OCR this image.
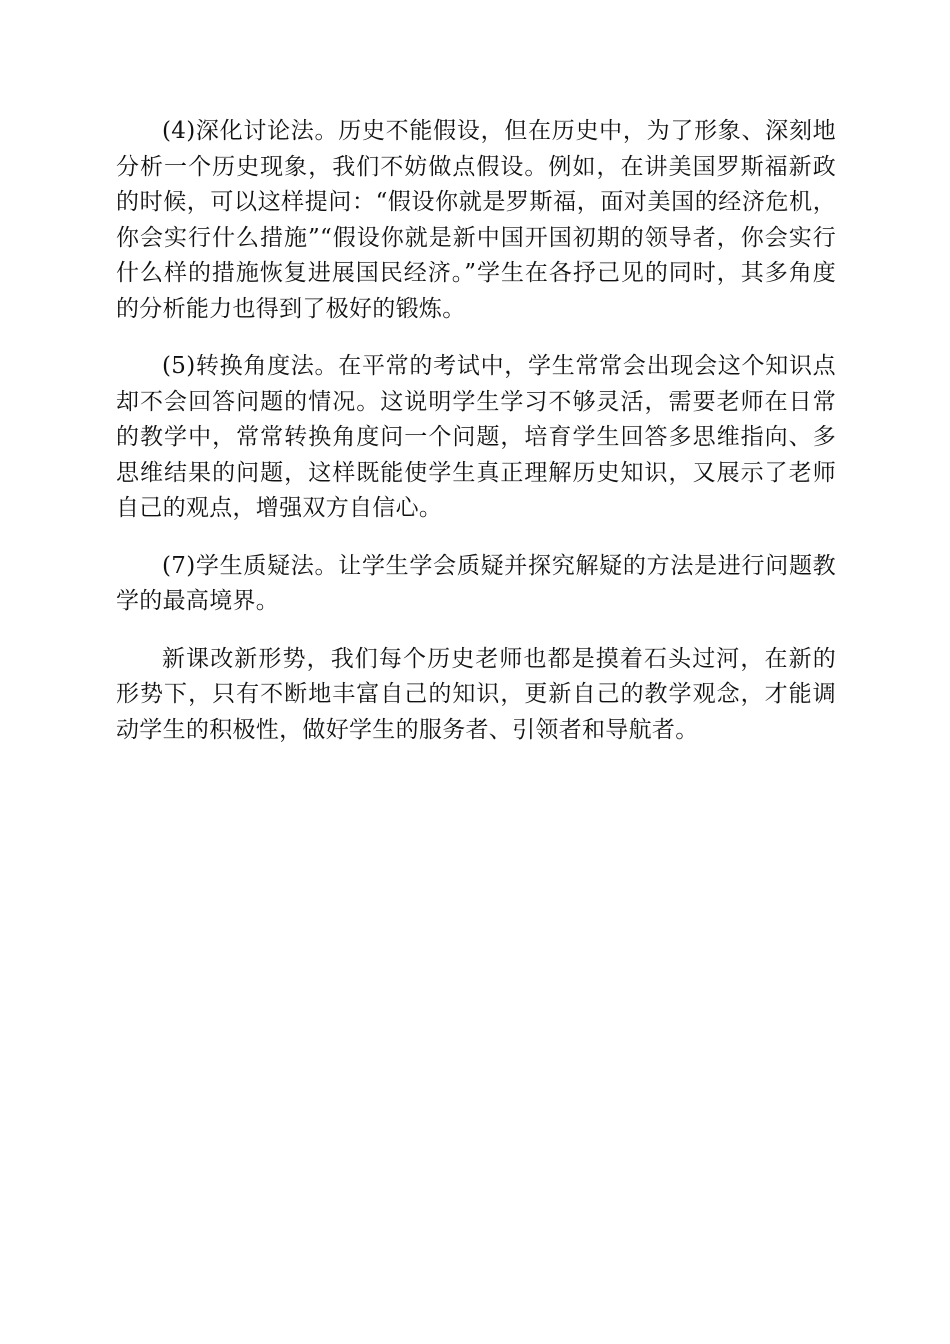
(4)深化讨论法。历史不能假设，但在历史中，为了形象、深刻地分析一个历史现象，我们不妨做点假设。例如，在讲美国罗斯福新政的时候，可以这样提问：“假设你就是罗斯福，面对美国的经济危机，你会实行什么措施”“假设你就是新中国开国初期的领导者，你会实行什么样的措施恢复进展国民经济。”学生在各抒己见的同时，其多角度的分析能力也得到了极好的锻炼。

(5)转换角度法。在平常的考试中，学生常常会出现会这个知识点却不会回答问题的情况。这说明学生学习不够灵活，需要老师在日常的教学中，常常转换角度问一个问题，培育学生回答多思维指向、多思维结果的问题，这样既能使学生真正理解历史知识，又展示了老师自己的观点，增强双方自信心。

(7)学生质疑法。让学生学会质疑并探究解疑的方法是进行问题教学的最高境界。

新课改新形势，我们每个历史老师也都是摸着石头过河，在新的形势下，只有不断地丰富自己的知识，更新自己的教学观念，才能调动学生的积极性，做好学生的服务者、引领者和导航者。
